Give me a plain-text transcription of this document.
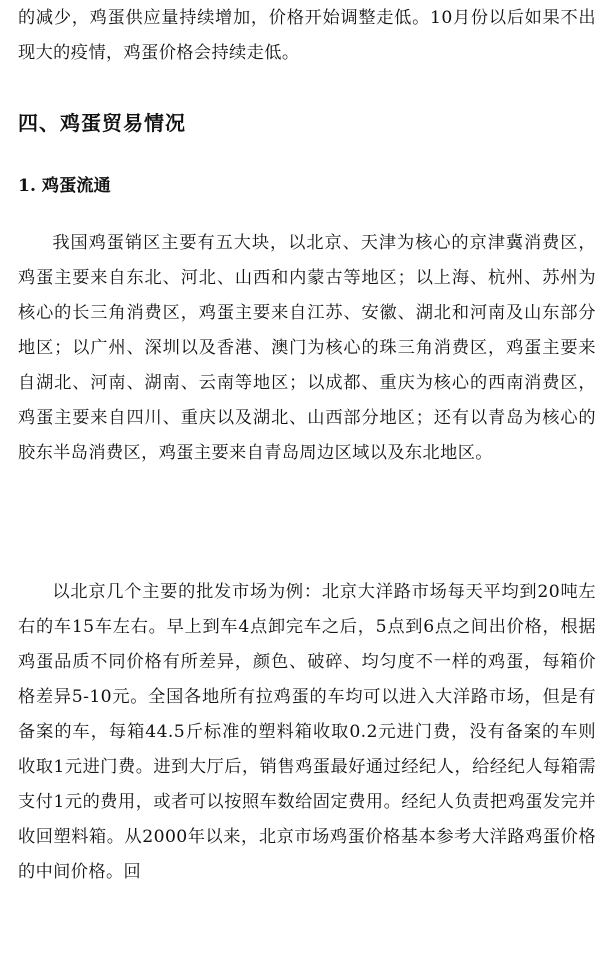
的减少，鸡蛋供应量持续增加，价格开始调整走低。10月份以后如果不出现大的疫情，鸡蛋价格会持续走低。

四、鸡蛋贸易情况
1. 鸡蛋流通

我国鸡蛋销区主要有五大块，以北京、天津为核心的京津冀消费区，鸡蛋主要来自东北、河北、山西和内蒙古等地区；以上海、杭州、苏州为核心的长三角消费区，鸡蛋主要来自江苏、安徽、湖北和河南及山东部分地区；以广州、深圳以及香港、澳门为核心的珠三角消费区，鸡蛋主要来自湖北、河南、湖南、云南等地区；以成都、重庆为核心的西南消费区，鸡蛋主要来自四川、重庆以及湖北、山西部分地区；还有以青岛为核心的胶东半岛消费区，鸡蛋主要来自青岛周边区域以及东北地区。

以北京几个主要的批发市场为例：北京大洋路市场每天平均到20吨左右的车15车左右。早上到车4点卸完车之后，5点到6点之间出价格，根据鸡蛋品质不同价格有所差异，颜色、破碎、均匀度不一样的鸡蛋，每箱价格差异5-10元。全国各地所有拉鸡蛋的车均可以进入大洋路市场，但是有备案的车，每箱44.5斤标准的塑料箱收取0.2元进门费，没有备案的车则收取1元进门费。进到大厅后，销售鸡蛋最好通过经纪人，给经纪人每箱需支付1元的费用，或者可以按照车数给固定费用。经纪人负责把鸡蛋发完并收回塑料箱。从2000年以来，北京市场鸡蛋价格基本参考大洋路鸡蛋价格的中间价格。回
